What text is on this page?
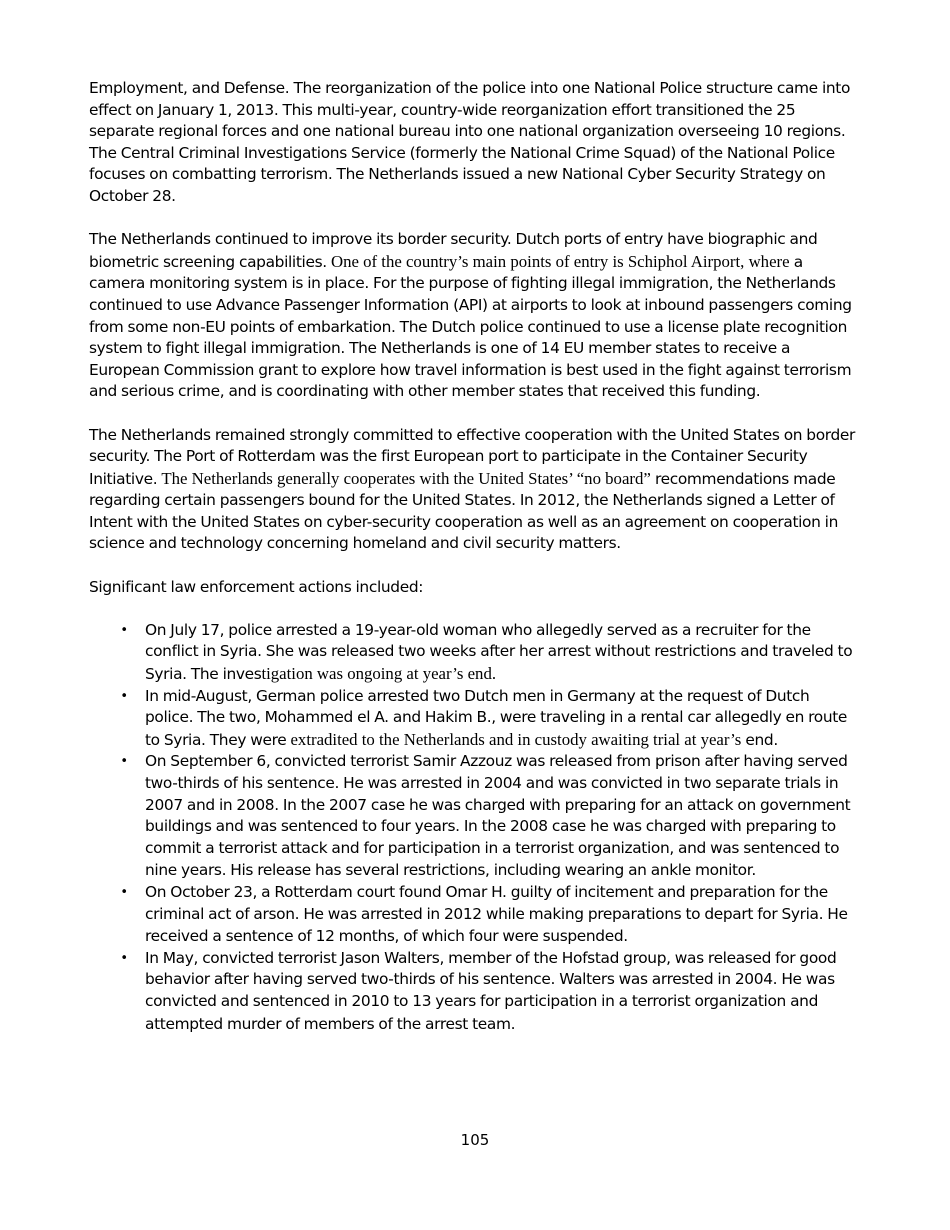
Employment, and Defense. The reorganization of the police into one National Police structure came into effect on January 1, 2013. This multi-year, country-wide reorganization effort transitioned the 25 separate regional forces and one national bureau into one national organization overseeing 10 regions. The Central Criminal Investigations Service (formerly the National Crime Squad) of the National Police focuses on combatting terrorism. The Netherlands issued a new National Cyber Security Strategy on October 28.

The Netherlands continued to improve its border security. Dutch ports of entry have biographic and biometric screening capabilities. One of the country’s main points of entry is Schiphol Airport, where a camera monitoring system is in place. For the purpose of fighting illegal immigration, the Netherlands continued to use Advance Passenger Information (API) at airports to look at inbound passengers coming from some non-EU points of embarkation. The Dutch police continued to use a license plate recognition system to fight illegal immigration. The Netherlands is one of 14 EU member states to receive a European Commission grant to explore how travel information is best used in the fight against terrorism and serious crime, and is coordinating with other member states that received this funding.

The Netherlands remained strongly committed to effective cooperation with the United States on border security. The Port of Rotterdam was the first European port to participate in the Container Security Initiative. The Netherlands generally cooperates with the United States’ “no board” recommendations made regarding certain passengers bound for the United States. In 2012, the Netherlands signed a Letter of Intent with the United States on cyber-security cooperation as well as an agreement on cooperation in science and technology concerning homeland and civil security matters.

Significant law enforcement actions included:

• On July 17, police arrested a 19-year-old woman who allegedly served as a recruiter for the conflict in Syria. She was released two weeks after her arrest without restrictions and traveled to Syria. The investigation was ongoing at year’s end.
• In mid-August, German police arrested two Dutch men in Germany at the request of Dutch police. The two, Mohammed el A. and Hakim B., were traveling in a rental car allegedly en route to Syria. They were extradited to the Netherlands and in custody awaiting trial at year’s end.
• On September 6, convicted terrorist Samir Azzouz was released from prison after having served two-thirds of his sentence. He was arrested in 2004 and was convicted in two separate trials in 2007 and in 2008. In the 2007 case he was charged with preparing for an attack on government buildings and was sentenced to four years. In the 2008 case he was charged with preparing to commit a terrorist attack and for participation in a terrorist organization, and was sentenced to nine years. His release has several restrictions, including wearing an ankle monitor.
• On October 23, a Rotterdam court found Omar H. guilty of incitement and preparation for the criminal act of arson. He was arrested in 2012 while making preparations to depart for Syria. He received a sentence of 12 months, of which four were suspended.
• In May, convicted terrorist Jason Walters, member of the Hofstad group, was released for good behavior after having served two-thirds of his sentence. Walters was arrested in 2004. He was convicted and sentenced in 2010 to 13 years for participation in a terrorist organization and attempted murder of members of the arrest team.
105
